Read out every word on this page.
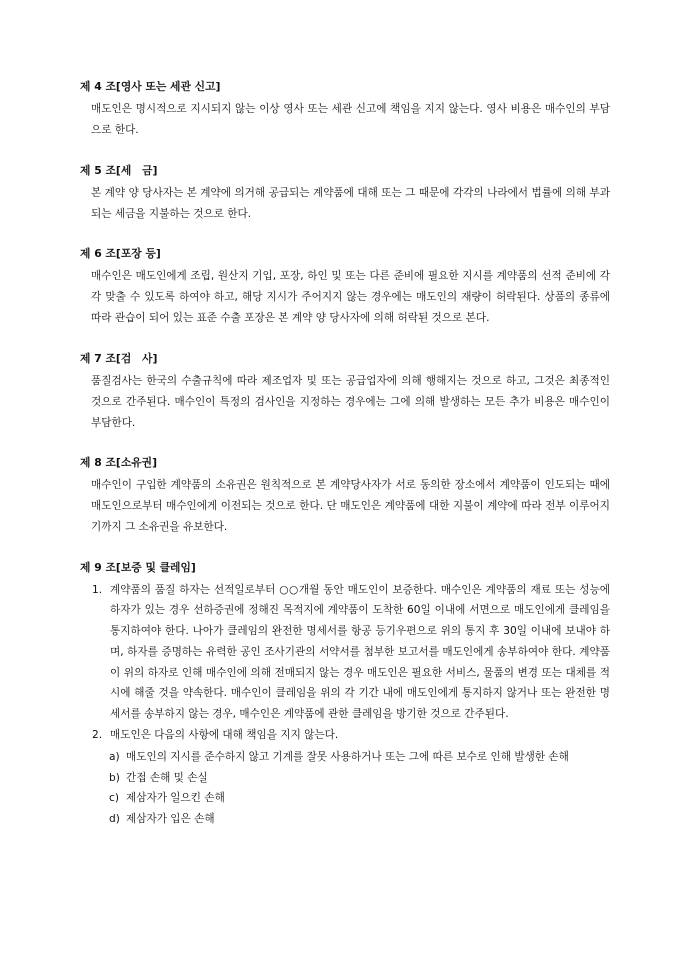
제 4 조[영사 또는 세관 신고]

매도인은 명시적으로 지시되지 않는 이상 영사 또는 세관 신고에 책임을 지지 않는다. 영사 비용은 매수인의 부담으로 한다.

제 5 조[세　금]

본 계약 양 당사자는 본 계약에 의거해 공급되는 계약품에 대해 또는 그 때문에 각각의 나라에서 법률에 의해 부과되는 세금을 지불하는 것으로 한다.

제 6 조[포장 등]

매수인은 매도인에게 조립, 원산지 기입, 포장, 하인 및 또는 다른 준비에 필요한 지시를 계약품의 선적 준비에 각각 맞출 수 있도록 하여야 하고, 해당 지시가 주어지지 않는 경우에는 매도인의 재량이 허락된다. 상품의 종류에 따라 관습이 되어 있는 표준 수출 포장은 본 계약 양 당사자에 의해 허락된 것으로 본다.

제 7 조[검　사]

품질검사는 한국의 수출규칙에 따라 제조업자 및 또는 공급업자에 의해 행해지는 것으로 하고, 그것은 최종적인 것으로 간주된다. 매수인이 특정의 검사인을 지정하는 경우에는 그에 의해 발생하는 모든 추가 비용은 매수인이 부담한다.

제 8 조[소유권]

매수인이 구입한 계약품의 소유권은 원칙적으로 본 계약당사자가 서로 동의한 장소에서 계약품이 인도되는 때에 매도인으로부터 매수인에게 이전되는 것으로 한다. 단 매도인은 계약품에 대한 지불이 계약에 따라 전부 이루어지기까지 그 소유권을 유보한다.

제 9 조[보증 및 클레임]
1. 계약품의 품질 하자는 선적일로부터 ○○개월 동안 매도인이 보증한다. 매수인은 계약품의 재료 또는 성능에 하자가 있는 경우 선하증권에 정해진 목적지에 계약품이 도착한 60일 이내에 서면으로 매도인에게 클레임을 통지하여야 한다. 나아가 클레임의 완전한 명세서를 항공 등기우편으로 위의 통지 후 30일 이내에 보내야 하며, 하자를 증명하는 유력한 공인 조사기관의 서약서를 첨부한 보고서를 매도인에게 송부하여야 한다. 계약품이 위의 하자로 인해 매수인에 의해 전매되지 않는 경우 매도인은 필요한 서비스, 물품의 변경 또는 대체를 적시에 해줄 것을 약속한다. 매수인이 클레임을 위의 각 기간 내에 매도인에게 통지하지 않거나 또는 완전한 명세서를 송부하지 않는 경우, 매수인은 계약품에 관한 클레임을 방기한 것으로 간주된다.
2. 매도인은 다음의 사항에 대해 책임을 지지 않는다.
a) 매도인의 지시를 준수하지 않고 기계를 잘못 사용하거나 또는 그에 따른 보수로 인해 발생한 손해
b) 간접 손해 및 손실
c) 제삼자가 일으킨 손해
d) 제삼자가 입은 손해
